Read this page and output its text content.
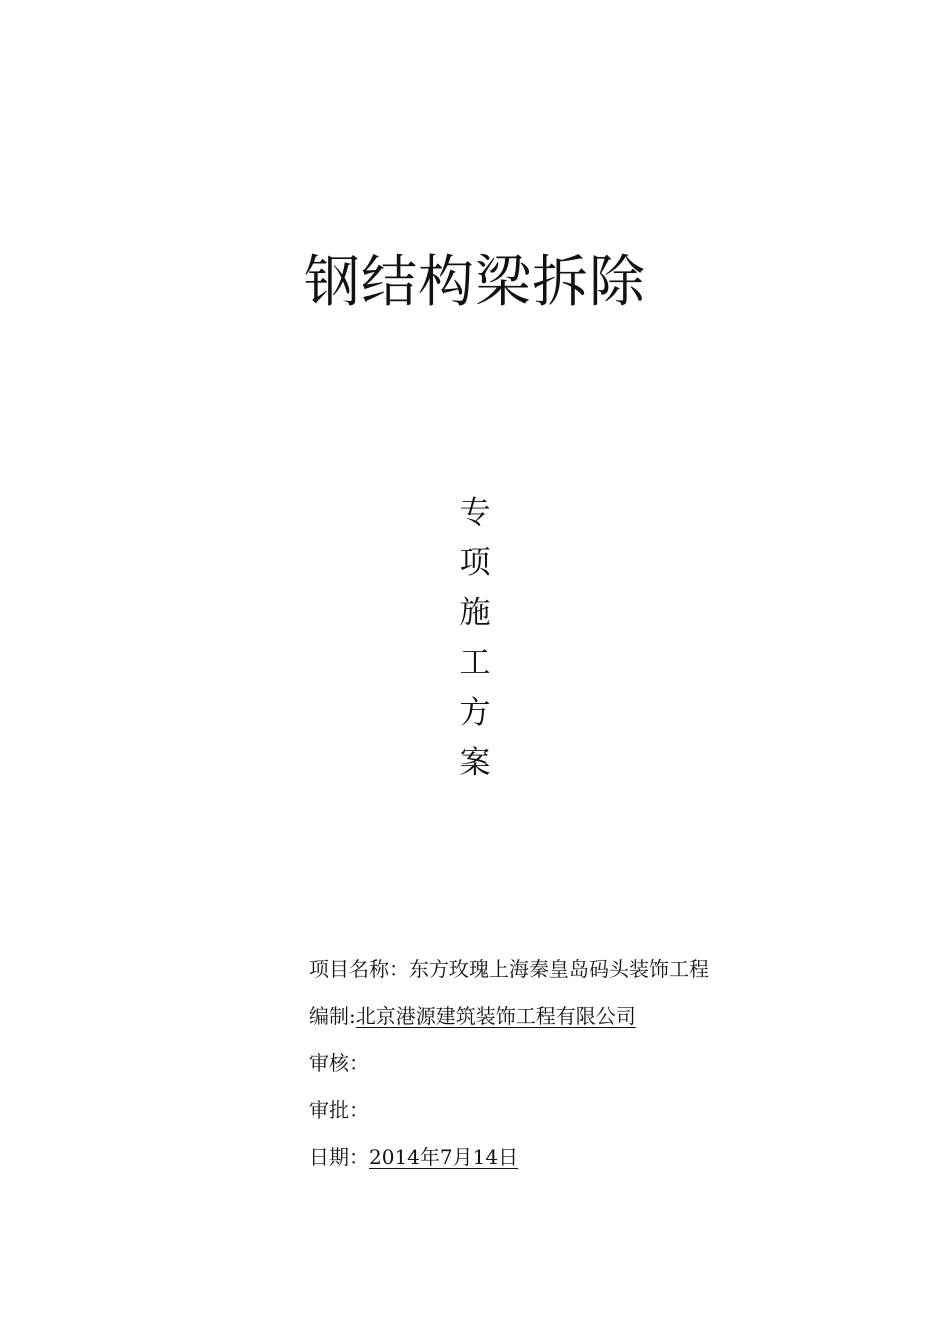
钢结构梁拆除
专
项
施
工
方
案
项目名称：东方玫瑰上海秦皇岛码头装饰工程
编制:北京港源建筑装饰工程有限公司
审核：
审批：
日期：2014年7月14日
